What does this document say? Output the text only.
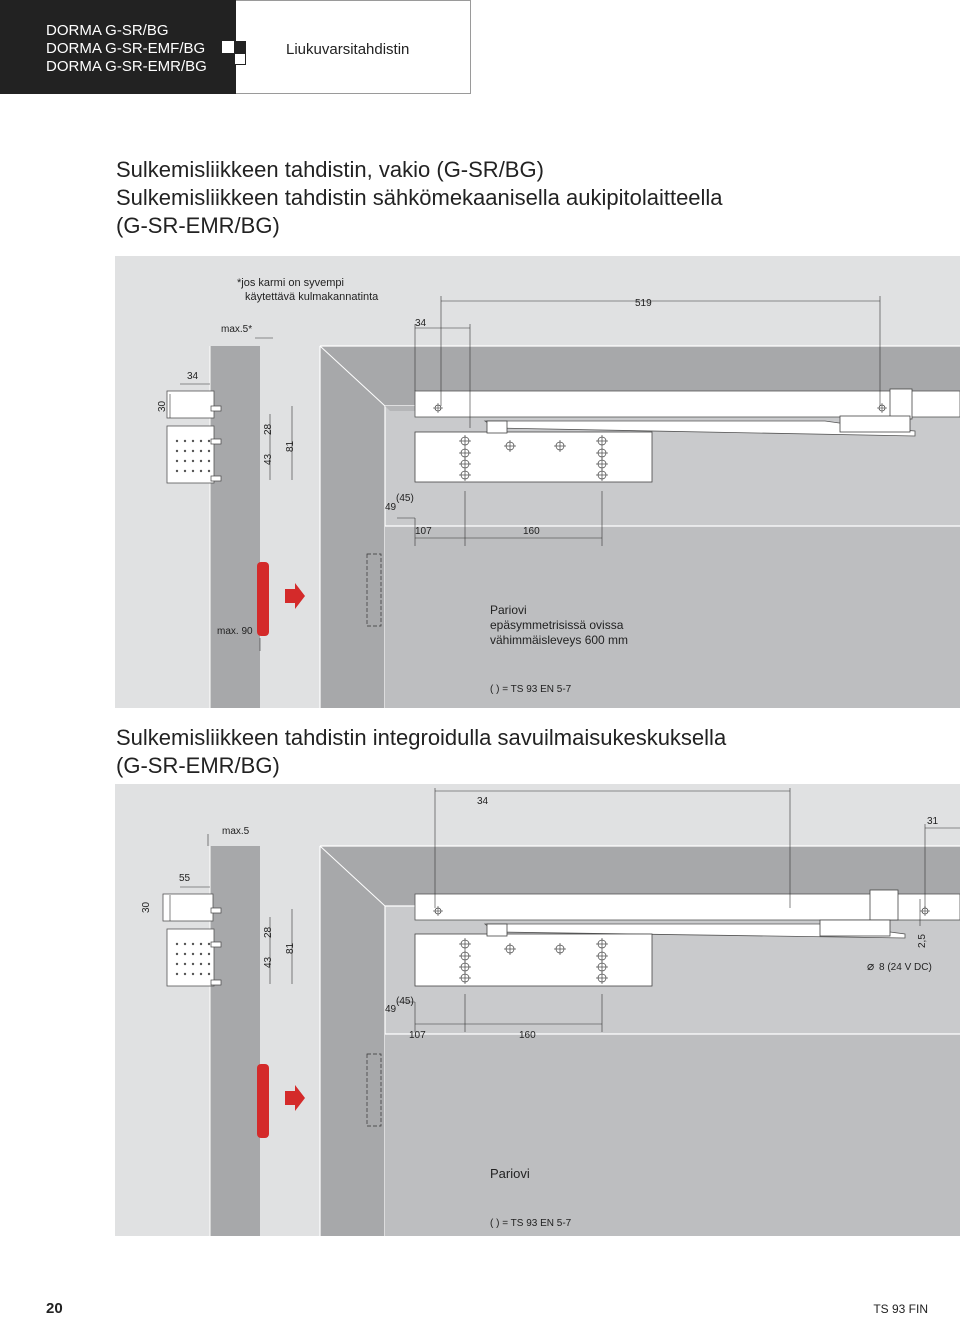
DORMA G-SR/BG
DORMA G-SR-EMF/BG
DORMA G-SR-EMR/BG
Liukuvarsitahdistin
Sulkemisliikkeen tahdistin, vakio (G-SR/BG)
Sulkemisliikkeen tahdistin sähkömekaanisella aukipitolaitteella
(G-SR-EMR/BG)
519
34
max.5*
34
30
28
43
81
(45)
49
107	160
max. 90
*jos karmi on syvempi
käytettävä kulmakannatinta
Pariovi
epäsymmetrisissä ovissa
vähimmäisleveys 600 mm
( ) = TS 93 EN 5-7
Sulkemisliikkeen tahdistin integroidulla savuilmaisukeskuksella
(G-SR-EMR/BG)
34
max.5
31
55
30
28
43
81
2,5
⌀ 8 (24 V DC)
(45)
49
107	160
Pariovi
( ) = TS 93 EN 5-7
20	TS 93 FIN
